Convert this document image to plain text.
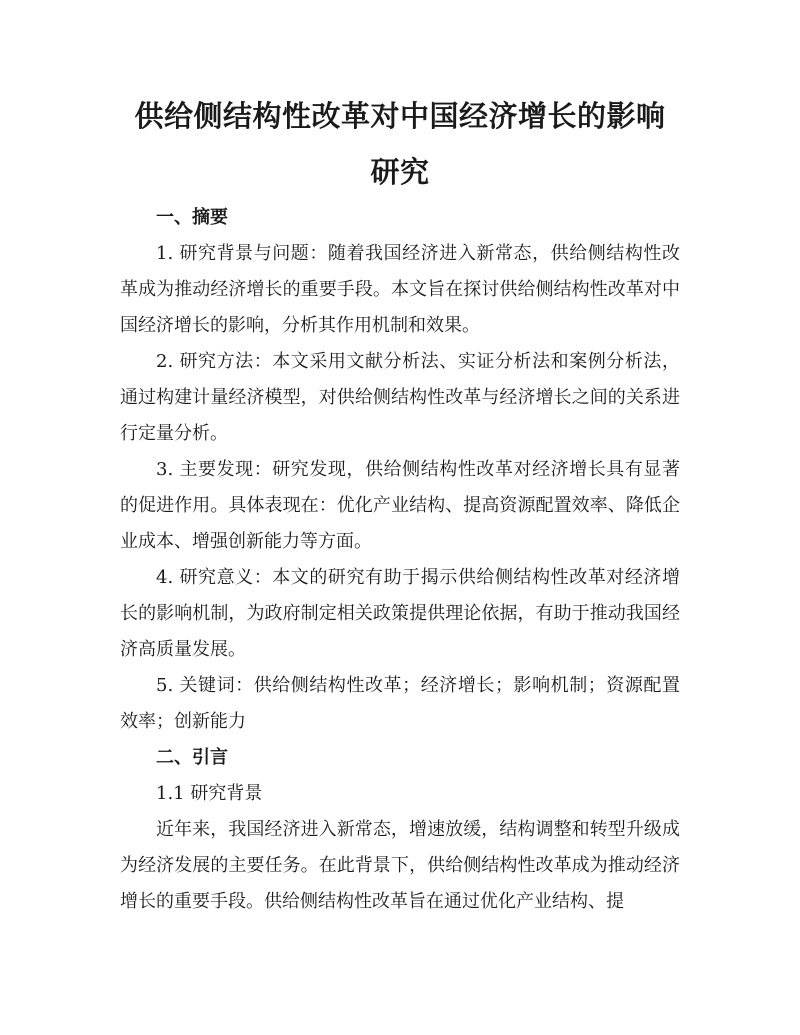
供给侧结构性改革对中国经济增长的影响研究

一、摘要

1. 研究背景与问题：随着我国经济进入新常态，供给侧结构性改革成为推动经济增长的重要手段。本文旨在探讨供给侧结构性改革对中国经济增长的影响，分析其作用机制和效果。

2. 研究方法：本文采用文献分析法、实证分析法和案例分析法，通过构建计量经济模型，对供给侧结构性改革与经济增长之间的关系进行定量分析。

3. 主要发现：研究发现，供给侧结构性改革对经济增长具有显著的促进作用。具体表现在：优化产业结构、提高资源配置效率、降低企业成本、增强创新能力等方面。

4. 研究意义：本文的研究有助于揭示供给侧结构性改革对经济增长的影响机制，为政府制定相关政策提供理论依据，有助于推动我国经济高质量发展。

5. 关键词：供给侧结构性改革；经济增长；影响机制；资源配置效率；创新能力

二、引言

1.1 研究背景

近年来，我国经济进入新常态，增速放缓，结构调整和转型升级成为经济发展的主要任务。在此背景下，供给侧结构性改革成为推动经济增长的重要手段。供给侧结构性改革旨在通过优化产业结构、提
